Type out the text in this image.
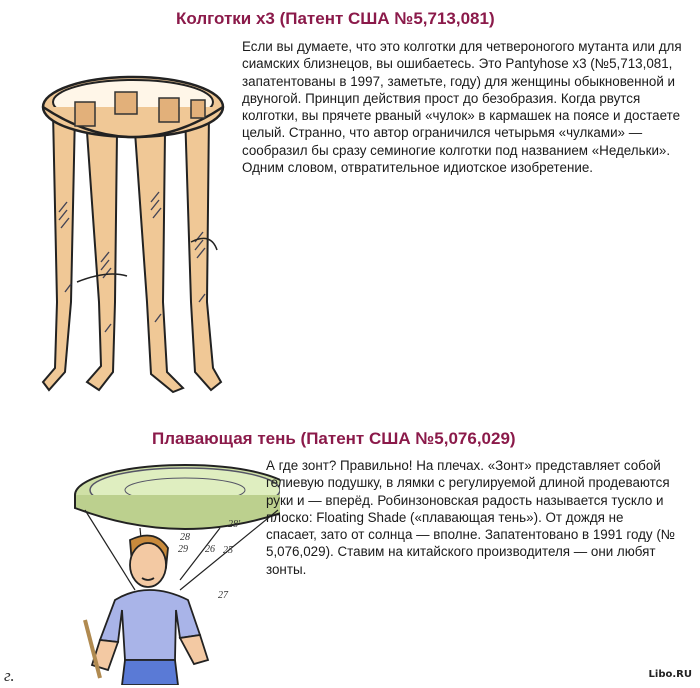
Колготки х3 (Патент США №5,713,081)
Если вы думаете, что это колготки для четвероногого мутанта или для сиамских близнецов, вы ошибаетесь. Это Pantyhose x3 (№5,713,081, запатентованы в 1997, заметьте, году) для женщины обыкновенной и двуногой. Принцип действия прост до безобразия. Когда рвутся колготки, вы прячете рваный «чулок» в кармашек на поясе и достаете целый. Странно, что автор ограничился четырьмя «чулками» — сообразил бы сразу семиногие колготки под названием «Недельки». Одним словом, отвратительное идиотское изобретение.
Плавающая тень (Патент США №5,076,029)
28
29 26
28'
25
27
А где зонт? Правильно! На плечах. «Зонт» представляет собой гелиевую подушку, в лямки с регулируемой длиной продеваются руки и — вперёд. Робинзоновская радость называется тускло и плоско: Floating Shade («плавающая тень»). От дождя не спасает, зато от солнца — вполне. Запатентовано в 1991 году (№ 5,076,029). Ставим на китайского производителя — они любят зонты.
Libo.RU
г.
